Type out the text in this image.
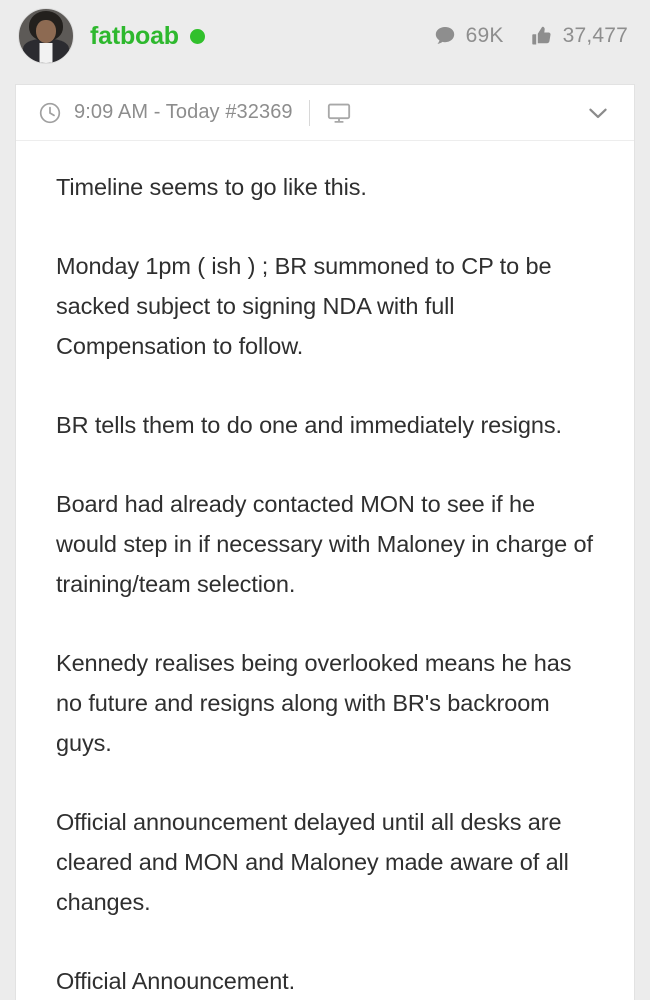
fatboab	69K	37,477
9:09 AM - Today #32369

Timeline seems to go like this.

Monday 1pm ( ish ) ; BR summoned to CP to be sacked subject to signing NDA with full Compensation to follow.

BR tells them to do one and immediately resigns.

Board had already contacted MON to see if he would step in if necessary with Maloney in charge of training/team selection.

Kennedy realises being overlooked means he has no future and resigns along with BR's backroom guys.

Official announcement delayed until all desks are cleared and MON and Maloney made aware of all changes.

Official Announcement.
